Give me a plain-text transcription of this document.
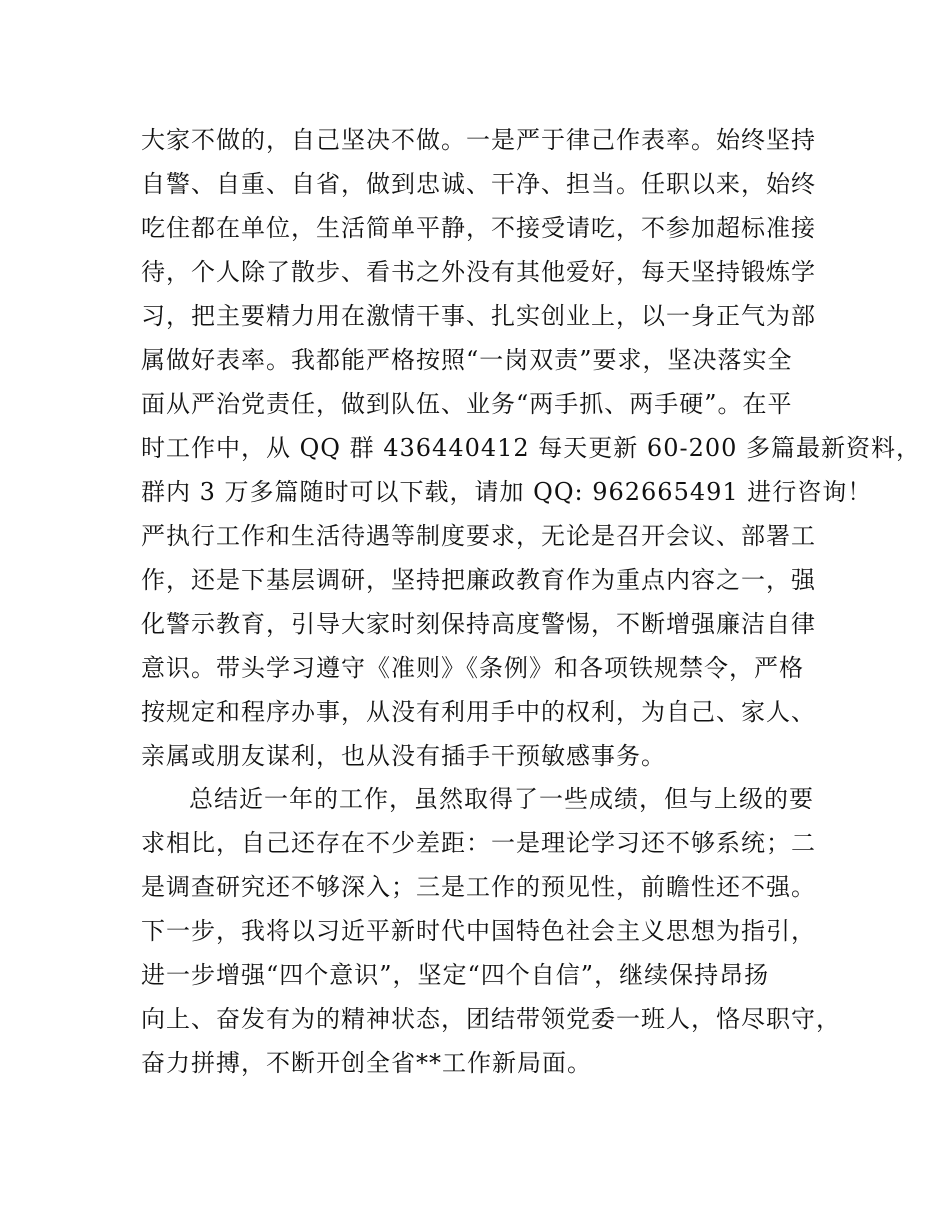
大家不做的，自己坚决不做。一是严于律己作表率。始终坚持
自警、自重、自省，做到忠诚、干净、担当。任职以来，始终
吃住都在单位，生活简单平静，不接受请吃，不参加超标准接
待，个人除了散步、看书之外没有其他爱好，每天坚持锻炼学
习，把主要精力用在激情干事、扎实创业上，以一身正气为部
属做好表率。我都能严格按照“一岗双责”要求，坚决落实全
面从严治党责任，做到队伍、业务“两手抓、两手硬”。在平
时工作中，从 QQ 群 436440412 每天更新 60-200 多篇最新资料，
群内 3 万多篇随时可以下载，请加 QQ: 962665491 进行咨询！
严执行工作和生活待遇等制度要求，无论是召开会议、部署工
作，还是下基层调研，坚持把廉政教育作为重点内容之一，强
化警示教育，引导大家时刻保持高度警惕，不断增强廉洁自律
意识。带头学习遵守《准则》《条例》和各项铁规禁令，严格
按规定和程序办事，从没有利用手中的权利，为自己、家人、
亲属或朋友谋利，也从没有插手干预敏感事务。
总结近一年的工作，虽然取得了一些成绩，但与上级的要
求相比，自己还存在不少差距：一是理论学习还不够系统；二
是调查研究还不够深入；三是工作的预见性，前瞻性还不强。
下一步，我将以习近平新时代中国特色社会主义思想为指引，
进一步增强“四个意识”，坚定“四个自信”，继续保持昂扬
向上、奋发有为的精神状态，团结带领党委一班人，恪尽职守，
奋力拼搏，不断开创全省**工作新局面。
